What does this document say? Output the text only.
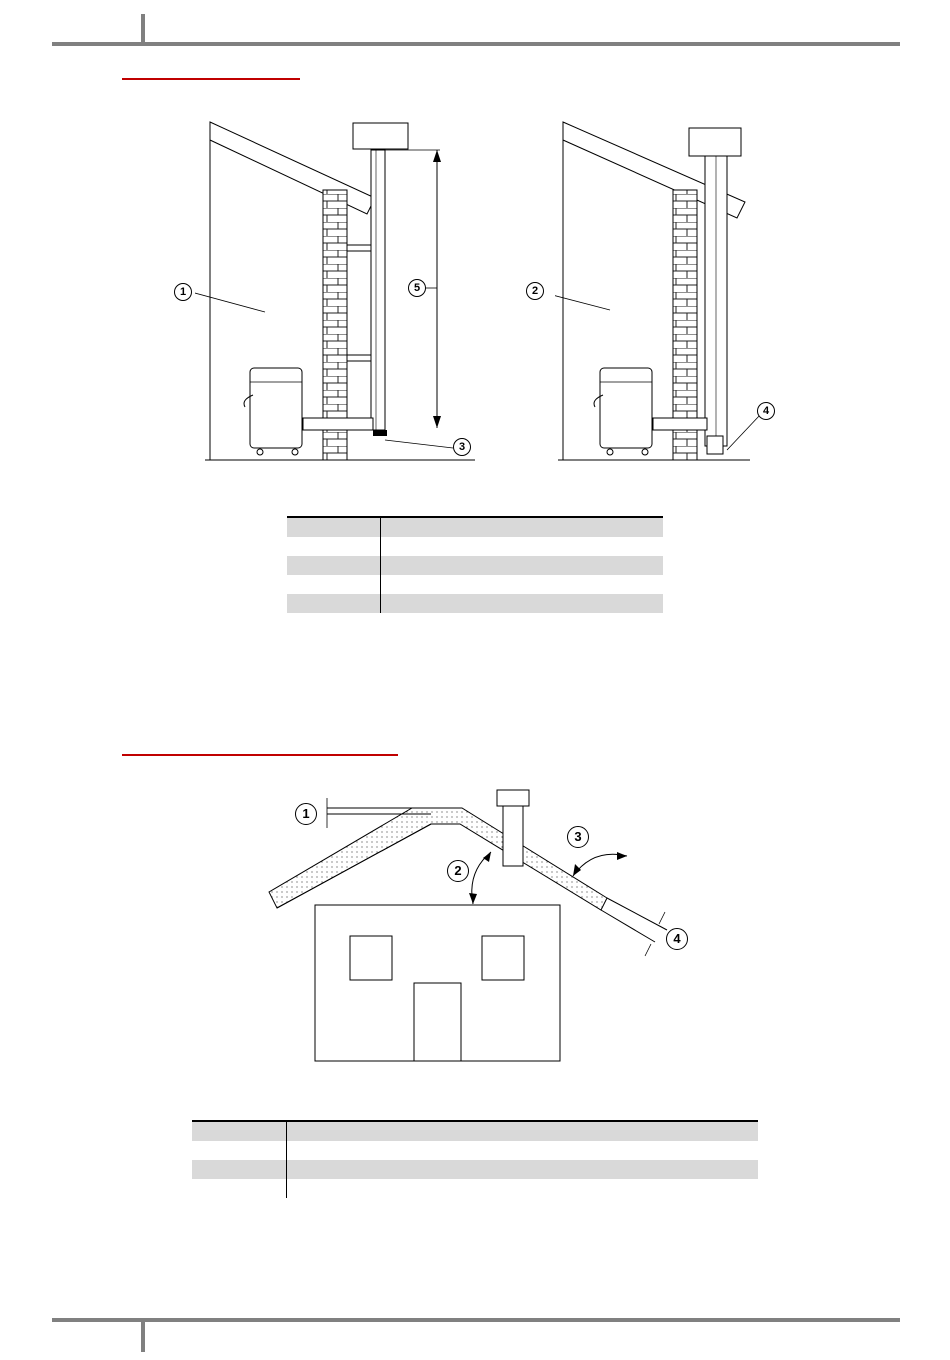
1	5
3
2
4

1
2
3
4
